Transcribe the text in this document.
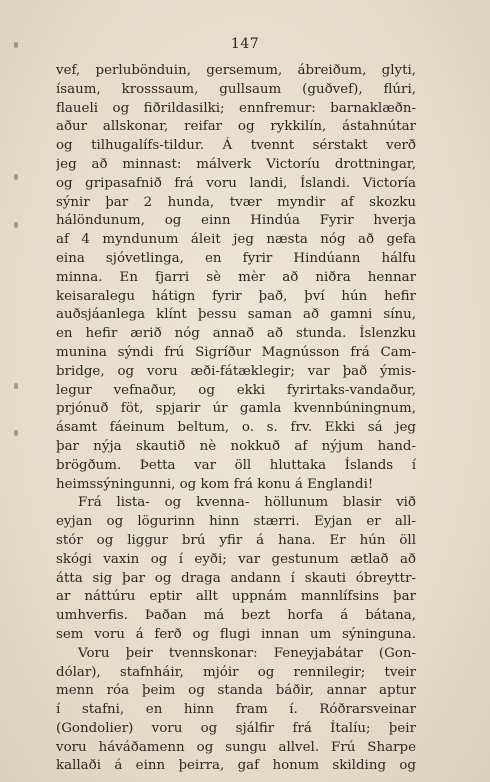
147
vef, perlubönduin, gersemum, ábreiðum, glyti,
ísaum, krosssaum, gullsaum (guðvef), flúri,
flaueli og fiðrildasilki; ennfremur: barnaklæðn-
aður allskonar, reifar og rykkilín, ástahnútar
og tilhugalífs-tildur. Á tvennt sérstakt verð
jeg að minnast: málverk Victoríu drottningar,
og gripasafnið frá voru landi, Íslandi. Victoría
sýnir þar 2 hunda, tvær myndir af skozku
hálöndunum, og einn Hindúa Fyrir hverja
af 4 myndunum áleit jeg næsta nóg að gefa
eina sjóvetlinga, en fyrir Hindúann hálfu
minna. En fjarri sè mèr að niðra hennar
keisaralegu hátign fyrir það, því hún hefir
auðsjáanlega klínt þessu saman að gamni sínu,
en hefir ærið nóg annað að stunda. Íslenzku
munina sýndi frú Sigríður Magnússon frá Cam-
bridge, og voru æði-fátæklegir; var það ýmis-
legur vefnaður, og ekki fyrirtaks-vandaður,
prjónuð föt, spjarir úr gamla kvennbúningnum,
ásamt fáeinum beltum, o. s. frv. Ekki sá jeg
þar nýja skautið nè nokkuð af nýjum hand-
brögðum. Þetta var öll hluttaka Íslands í
heimssýningunni, og kom frá konu á Englandi!
Frá lista- og kvenna- höllunum blasir við
eyjan og lögurinn hinn stærri. Eyjan er all-
stór og liggur brú yfir á hana. Er hún öll
skógi vaxin og í eyði; var gestunum ætlað að
átta sig þar og draga andann í skauti óbreyttr-
ar náttúru eptir allt uppnám mannlífsins þar
umhverfis. Þaðan má bezt horfa á bátana,
sem voru á ferð og flugi innan um sýninguna.
Voru þeir tvennskonar: Feneyjabátar (Gon-
dólar), stafnháir, mjóir og rennilegir; tveir
menn róa þeim og standa báðir, annar aptur
í stafni, en hinn fram í. Róðrarsveinar
(Gondolier) voru og sjálfir frá Ítalíu; þeir
voru háváðamenn og sungu allvel. Frú Sharpe
kallaði á einn þeirra, gaf honum skilding og
